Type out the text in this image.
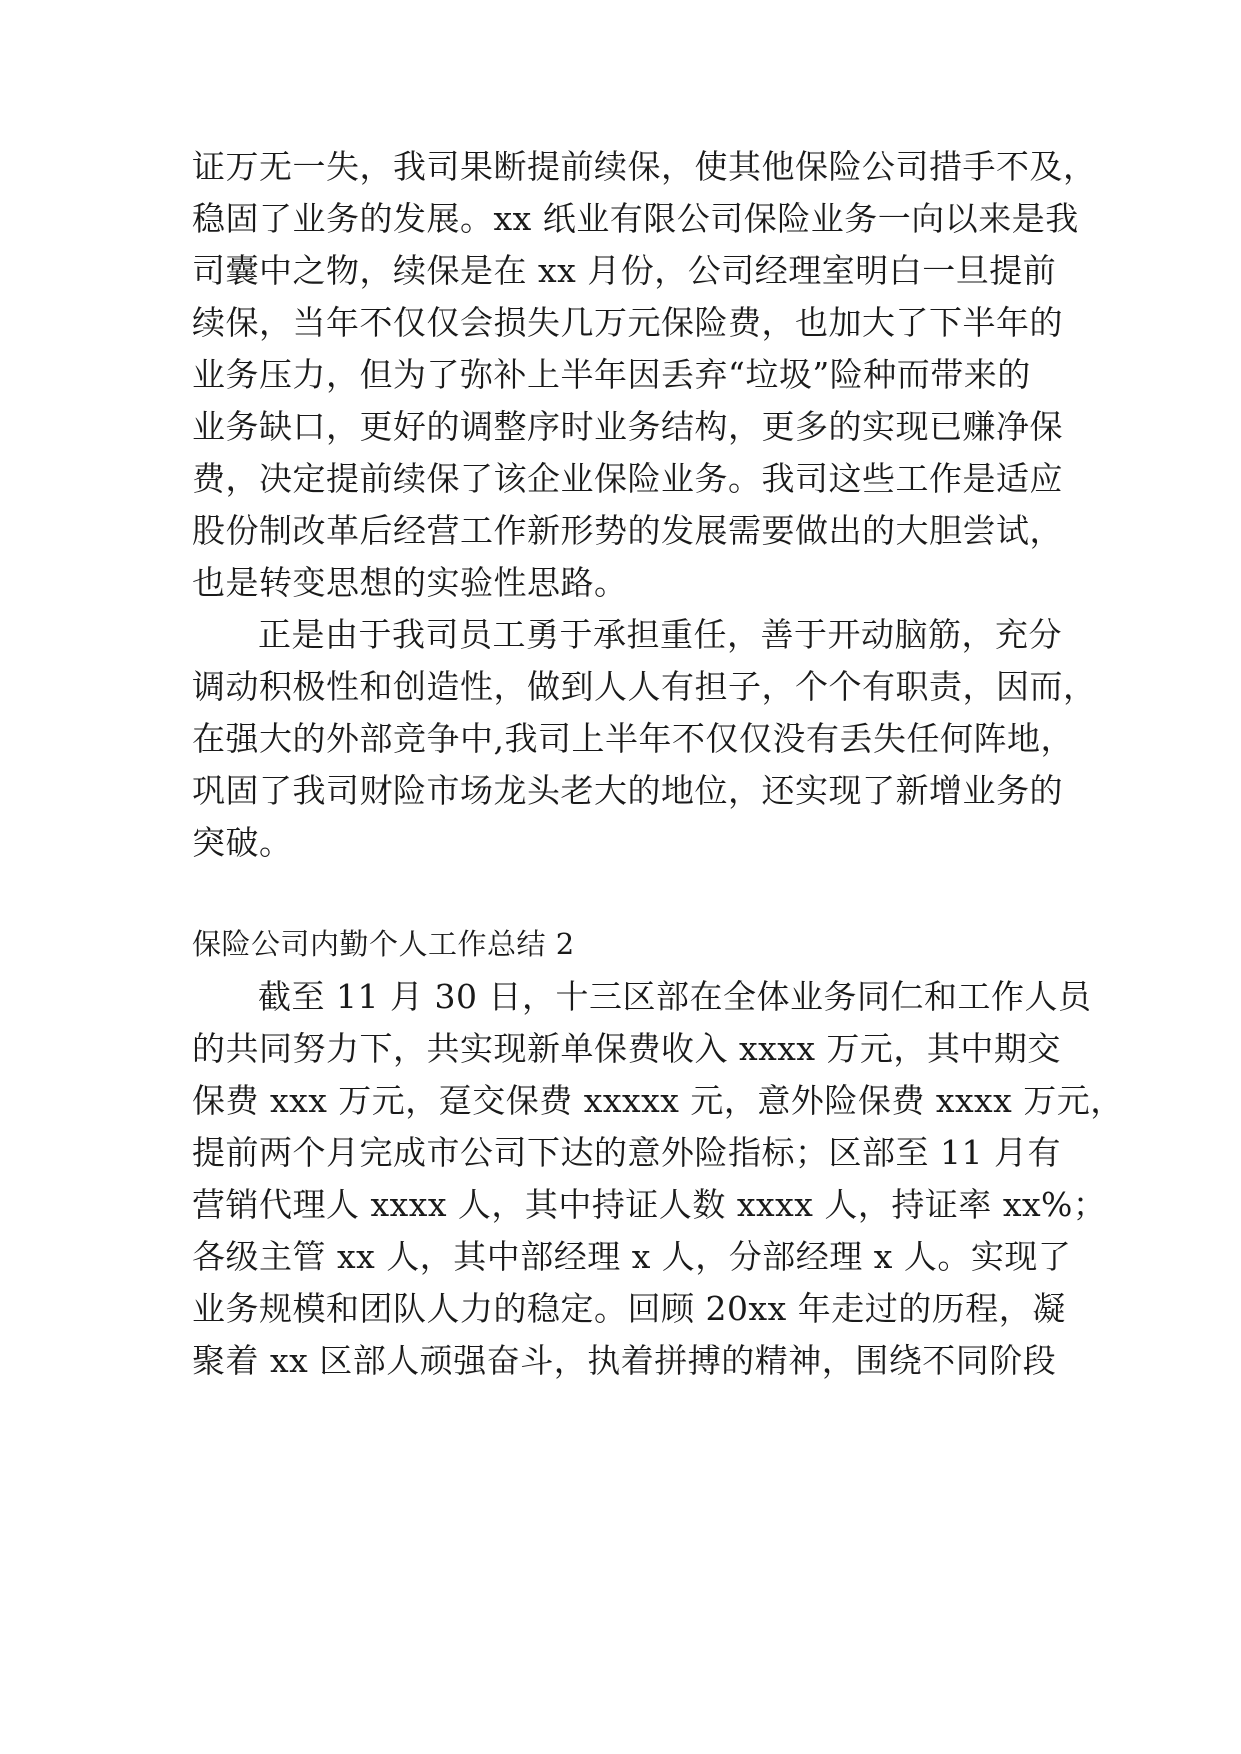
证万无一失，我司果断提前续保，使其他保险公司措手不及，
稳固了业务的发展。xx 纸业有限公司保险业务一向以来是我
司囊中之物，续保是在 xx 月份，公司经理室明白一旦提前
续保，当年不仅仅会损失几万元保险费，也加大了下半年的
业务压力，但为了弥补上半年因丢弃“垃圾”险种而带来的
业务缺口，更好的调整序时业务结构，更多的实现已赚净保
费，决定提前续保了该企业保险业务。我司这些工作是适应
股份制改革后经营工作新形势的发展需要做出的大胆尝试，
也是转变思想的实验性思路。
正是由于我司员工勇于承担重任，善于开动脑筋，充分
调动积极性和创造性，做到人人有担子，个个有职责，因而，
在强大的外部竞争中,我司上半年不仅仅没有丢失任何阵地，
巩固了我司财险市场龙头老大的地位，还实现了新增业务的
突破。
保险公司内勤个人工作总结 2
截至 11 月 30 日，十三区部在全体业务同仁和工作人员
的共同努力下，共实现新单保费收入 xxxx 万元，其中期交
保费 xxx 万元，趸交保费 xxxxx 元，意外险保费 xxxx 万元，
提前两个月完成市公司下达的意外险指标；区部至 11 月有
营销代理人 xxxx 人，其中持证人数 xxxx 人，持证率 xx%；
各级主管 xx 人，其中部经理 x 人，分部经理 x 人。实现了
业务规模和团队人力的稳定。回顾 20xx 年走过的历程，凝
聚着 xx 区部人顽强奋斗，执着拼搏的精神，围绕不同阶段
